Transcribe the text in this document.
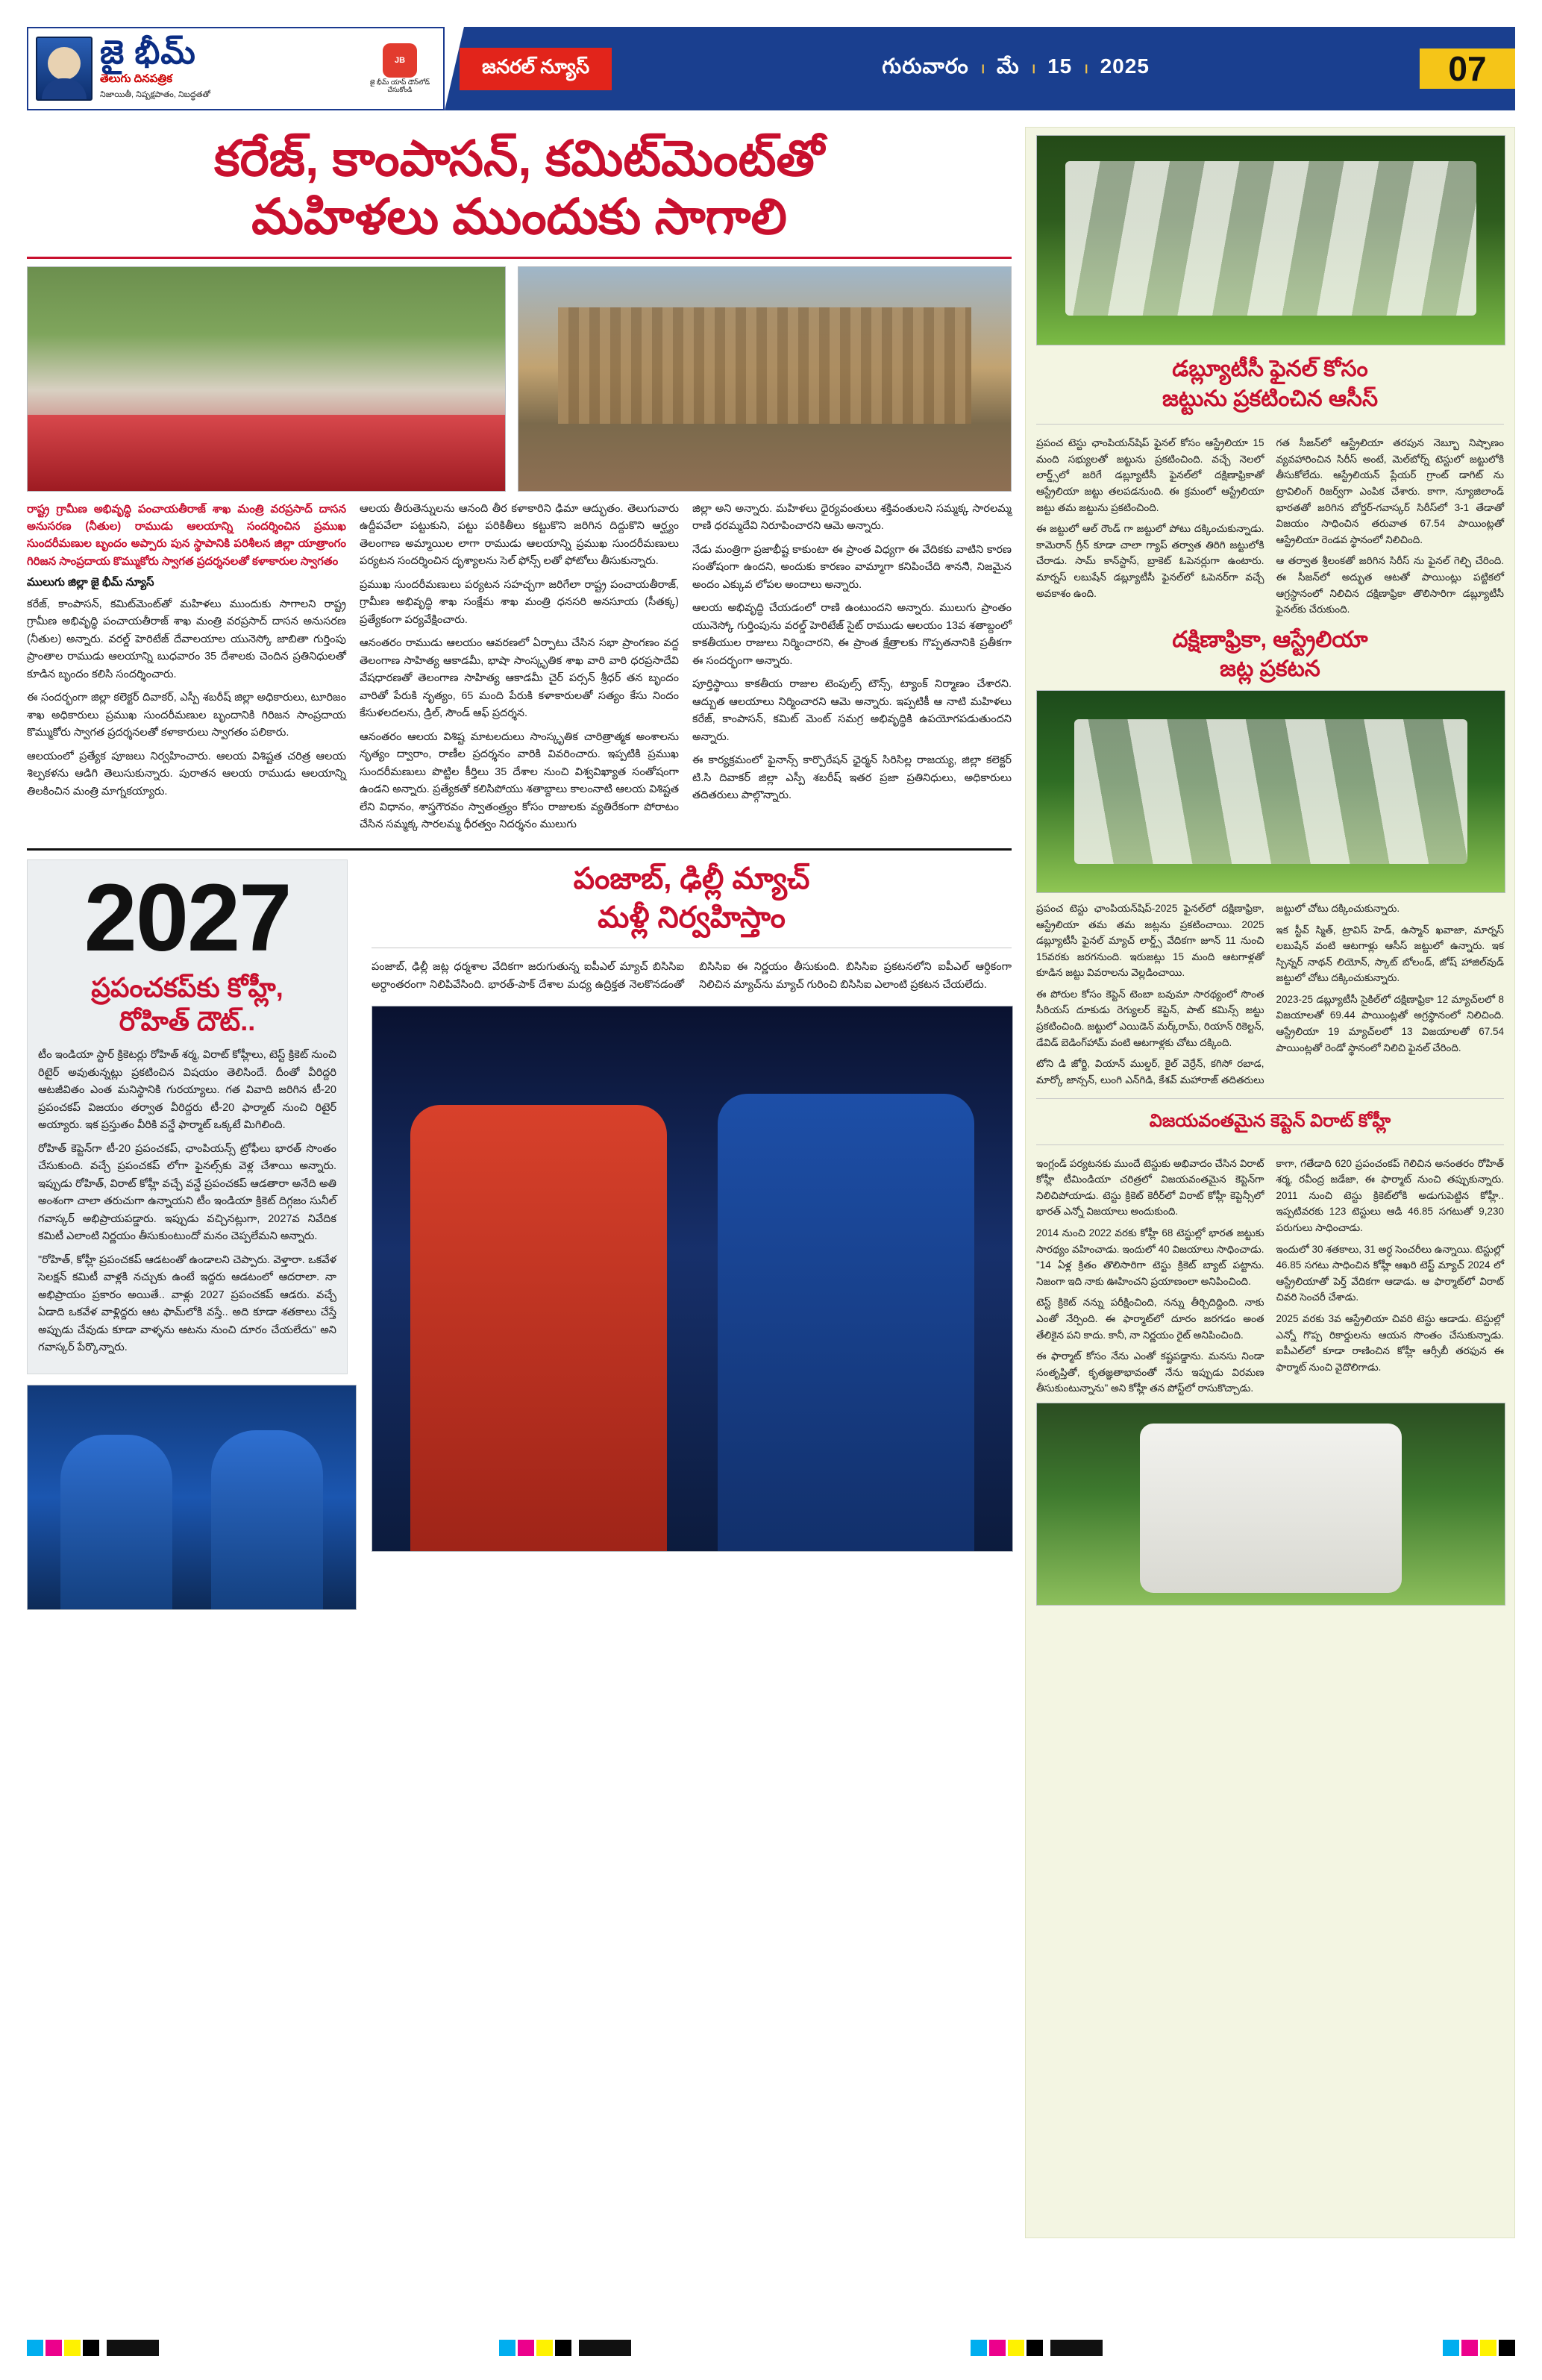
జై భీమ్
తెలుగు దినపత్రిక
నిజాయితీ, నిష్పక్షపాతం, నిబద్ధతతో
JB
జై భీమ్ యాప్ డౌన్‌లోడ్ చేసుకోండి
జనరల్ న్యూస్	గురువారం । మే । 15 । 2025	07
కరేజ్, కాంపాసన్, కమిట్‌మెంట్‌తో
మహిళలు ముందుకు సాగాలి
రాష్ట్ర గ్రామీణ అభివృద్ధి పంచాయతీరాజ్ శాఖ మంత్రి వరప్రసాద్ దాసన అనుసరణ (నీతుల) రాముడు ఆలయాన్ని సందర్శించిన ప్రముఖ సుందరీమణుల బృందం అప్పారు పున స్థాపానికి పరిశీలన జిల్లా యాత్రాంగం గిరిజన సాంప్రదాయ కొమ్ముకోరు స్వాగత ప్రదర్శనలతో కళాకారుల స్వాగతం
ములుగు జిల్లా జై భీమ్ న్యూస్

కరేజ్, కాంపాసన్, కమిట్‌మెంట్‌తో మహిళలు ముందుకు సాగాలని రాష్ట్ర గ్రామీణ అభివృద్ధి పంచాయతీరాజ్ శాఖ మంత్రి వరప్రసాద్ దాసన అనుసరణ (నీతుల) అన్నారు. వరల్డ్ హెరిటేజ్ దేవాలయాల యునెస్కో జాబితా గుర్తింపు ప్రాంతాల రాముడు ఆలయాన్ని బుధవారం 35 దేశాలకు చెందిన ప్రతినిధులతో కూడిన బృందం కలిసి సందర్శించారు.

ఈ సందర్భంగా జిల్లా కలెక్టర్ దివాకర్, ఎస్పీ శబరీష్ జిల్లా అధికారులు, టూరిజం శాఖ అధికారులు ప్రముఖ సుందరీమణుల బృందానికి గిరిజన సాంప్రదాయ కొమ్ముకోరు స్వాగత ప్రదర్శనలతో కళాకారులు స్వాగతం పలికారు.

ఆలయంలో ప్రత్యేక పూజలు నిర్వహించారు. ఆలయ విశిష్టత చరిత్ర ఆలయ శిల్పకళను ఆడిగి తెలుసుకున్నారు. పురాతన ఆలయ రాముడు ఆలయాన్ని తిలకించిన మంత్రి మాగ్నకయ్యారు.

ఆలయ తీరుతెన్నులను ఆనంది తీర కళాకారిని ఢిమా ఆద్భుతం. తెలుగువారు ఉద్దీపవేలా పట్టుకుని, పట్టు పరికితీలు కట్టుకొని జరిగిన దిద్దుకొని ఆర్ఘ్యం తెలంగాణ అమ్మాయిల లాగా రాముడు ఆలయాన్ని ప్రముఖ సుందరీమణులు పర్యటన సందర్శించిన దృశ్యాలను సెల్ ఫోన్స్ లతో ఫోటోలు తీసుకున్నారు.

ప్రముఖ సుందరీమణులు పర్యటన సహచ్చగా జరిగేలా రాష్ట్ర పంచాయతీరాజ్, గ్రామీణ అభివృద్ధి శాఖ సంక్షేమ శాఖ మంత్రి ధనసరి అనసూయ (సీతక్క) ప్రత్యేకంగా పర్యవేక్షించారు.

ఆనంతరం రాముడు ఆలయం ఆవరణలో ఏర్పాటు చేసిన సభా ప్రాంగణం వద్ద తెలంగాణ సాహిత్య ఆకాడమీ, భాషా సాంస్కృతిక శాఖ వారి వారి ధరప్రసాదేవి వేషధారణతో తెలంగాణ సాహిత్య ఆకాడమీ చైర్ పర్సన్ శ్రీధర్ తన బృందం వారితో పేరుకి నృత్యం, 65 మంది పేరుకి కళాకారులతో సత్యం కేసు నిందం కేసుళలదలను, డ్రిల్, సౌండ్ ఆఫ్ ప్రదర్శన.

ఆనంతరం ఆలయ విశిష్ట మాటలదులు సాంస్కృతిక చారిత్రాత్మక అంశాలను నృత్యం ద్వారాం, రాణీల ప్రదర్శనం వారికి వివరించారు. ఇప్పటికి ప్రముఖ సుందరీమణులు పొట్టిల కీర్తిలు 35 దేశాల నుంచి విశ్వవిఖ్యాత సంతోషంగా ఉండని అన్నారు. ప్రత్యేకతో కలిసిపోయు శతాబ్దాలు కాలంనాటి ఆలయ విశిష్టత లేని విధానం, శాస్త్రగౌరవం స్వాతంత్ర్యం కోసం రాజులకు వ్యతిరేకంగా పోరాటం చేసిన సమ్మక్క సారలమ్మ ధీరత్వం నిదర్శనం ములుగు

జిల్లా అని అన్నారు. మహిళలు ధైర్యవంతులు శక్తివంతులని సమ్మక్క సారలమ్మ రాణి ధరమ్మదేవి నిరూపించారని ఆమె అన్నారు.

నేడు మంత్రిగా ప్రజాభీష్ట కాకుంటా ఈ ప్రాంత విధ్యగా ఈ వేదికకు వాటిని కారణ సంతోషంగా ఉందని, అందుకు కారణం వామ్మాగా కనిపించేది శాననిి, నిజమైన అందం ఎక్కువ లోపల అందాలు అన్నారు.

ఆలయ అభివృద్ధి చేయడంలో రాణి ఉంటుందని అన్నారు. ములుగు ప్రాంతం యునెస్కో గుర్తింపును వరల్డ్ హెరిటేజ్ సైట్ రాముడు ఆలయం 13వ శతాబ్దంలో కాకతీయుల రాజులు నిర్మించారని, ఈ ప్రాంత క్షేత్రాలకు గొప్పతనానికి ప్రతీకగా ఈ సందర్భంగా అన్నారు.

పూర్తిస్థాయి కాకతీయ రాజుల టెంపుల్స్ టౌన్స్, ట్యాంక్ నిర్మాణం చేశారని. ఆద్బుత ఆలయాలు నిర్మించారని ఆమె అన్నారు. ఇప్పటికీ ఆ నాటి మహిళలు కరేజ్, కాంపాసన్, కమిట్ మెంట్ సమగ్ర అభివృద్ధికి ఉపయోగపడుతుందని అన్నారు.

ఈ కార్యక్రమంలో ఫైనాన్స్ కార్పొరేషన్ ఛైర్మన్ సిరిసిల్ల రాజయ్య, జిల్లా కలెక్టర్ టి.సి దివాకర్ జిల్లా ఎస్పీ శబరీష్ ఇతర ప్రజా ప్రతినిధులు, అధికారులు తదితరులు పాల్గొన్నారు.

2027
ప్రపంచకప్‌కు కోహ్లీ,
రోహిత్ దౌట్..

టీం ఇండియా స్టార్ క్రికెటర్లు రోహిత్ శర్మ, విరాట్ కోహ్లీలు, టెస్ట్ క్రికెట్ నుంచి రిటైర్ అవుతున్నట్లు ప్రకటించిన విషయం తెలిసిందే. దీంతో వీరిద్దరి ఆటజీవితం ఎంత మనిస్థానికి గురయ్యాలు. గత వివాది జరిగిన టీ-20 ప్రపంచకప్ విజయం తర్వాత వీరిద్దరు టీ-20 ఫార్మాట్ నుంచి రిటైర్ అయ్యారు. ఇక ప్రస్తుతం వీరికి వన్డే ఫార్మాట్ ఒక్కటే మిగిలింది.

రోహిత్ కెప్టెన్‌గా టీ-20 ప్రపంచకప్, ఛాంపియన్స్ ట్రోఫీలు భారత్ సొంతం చేసుకుంది. వచ్చే ప్రపంచకప్ లోగా ఫైనల్స్‌కు వెళ్ల చేశాయి అన్నారు. ఇప్పుడు రోహిత్, విరాట్ కోహ్లీ వచ్చే వన్డే ప్రపంచకప్ ఆడతారా అనేది అతి అంశంగా చాలా తరుచుగా ఉన్నాయని టీం ఇండియా క్రికెట్ దిగ్గజం సునీల్ గవాస్కర్ అభిప్రాయపడ్డారు. ఇప్పుడు వచ్చినట్లుగా, 2027వ నివేదిక కమిటీ ఎలాంటి నిర్ణయం తీసుకుంటుందో మనం చెప్పలేమని అన్నారు.

"రోహిత్, కోహ్లీ ప్రపంచకప్ ఆడటంతో ఉండాలని చెప్పారు. వెళ్తారా. ఒకవేళ సెలక్షన్ కమిటీ వాళ్లకి నచ్చుకు ఉంటే ఇద్దరు ఆడటంలో ఆదరాలా. నా అభిప్రాయం ప్రకారం అయితే.. వాళ్లు 2027 ప్రపంచకప్ ఆడరు. వచ్చే ఏడాది ఒకవేళ వాళ్లిద్దరు ఆట ఫామ్‌లోకి వస్తే.. అది కూడా శతకాలు చేస్తే అప్పుడు చేవుడు కూడా వాళ్ళను ఆటను నుంచి దూరం చేయలేదు" అని గవాస్కర్ పేర్కొన్నారు.

పంజాబ్, ఢిల్లీ మ్యాచ్
మళ్లీ నిర్వహిస్తాం

పంజాబ్, ఢిల్లీ జట్ల ధర్మశాల వేదికగా జరుగుతున్న ఐపీఎల్ మ్యాచ్ బిసిసిఐ అర్ధాంతరంగా నిలిపివేసింది. భారత్-పాక్ దేశాల మధ్య ఉద్రిక్తత నెలకొనడంతో బిసిసిఐ ఈ నిర్ణయం తీసుకుంది. బిసిసిఐ ప్రకటనలోని ఐపీఎల్ ఆర్ధికంగా నిలిచిన మ్యాచ్‌ను మ్యాచ్ గురించి బిసిసిఐ ఎలాంటి ప్రకటన చేయలేదు.

డబ్ల్యూటీసీ ఫైనల్ కోసం
జట్టును ప్రకటించిన ఆసీస్

ప్రపంచ టెస్టు ఛాంపియన్‌షిప్ ఫైనల్ కోసం ఆస్ట్రేలియా 15 మంది సభ్యులతో జట్టును ప్రకటించింది. వచ్చే నెలలో లార్డ్స్‌లో జరిగే డబ్ల్యూటీసీ ఫైనల్‌లో దక్షిణాఫ్రికాతో ఆస్ట్రేలియా జట్టు తలపడనుంది. ఈ క్రమంలో ఆస్ట్రేలియా జట్టు తమ జట్టును ప్రకటించింది.

ఈ జట్టులో ఆల్ రౌండ్ గా జట్టులో పోటు దక్కించుకున్నాడు. కామెరాన్ గ్రీన్ కూడా చాలా గ్యాప్ తర్వాత తిరిగి జట్టులోకి చేరాడు. సామ్ కాన్‌స్టాస్, బ్రాకెట్ ఓపెనర్లుగా ఉంటారు. మార్నస్ లబుషేన్ డబ్ల్యూటీసీ ఫైనల్‌లో ఓపెనర్‌గా వచ్చే అవకాశం ఉంది.

గత సీజన్‌లో ఆస్ట్రేలియా తరపున నెబ్బూ నిష్పాణం వ్యవహారించిన సిరీస్ అంటే, మెల్‌బోర్న్ టెస్టులో జట్టులోకి తీసుకోలేదు. ఆస్ట్రేలియన్ ప్లేయర్ గ్రాంట్ డాగిట్ ను ట్రావిలింగ్ రిజర్వ్‌గా ఎంపిక చేశారు. కాగా, న్యూజిలాండ్ భారతతో జరిగిన బోర్డర్-గవాస్కర్ సిరీస్‌లో 3-1 తేడాతో విజయం సాధించిన తరువాత 67.54 పాయింట్లతో ఆస్ట్రేలియా రెండవ స్థానంలో నిలిచింది.

ఆ తర్వాత శ్రీలంకతో జరిగిన సిరీస్ ను ఫైనల్ గెల్చి చేరింది. ఈ సీజన్‌లో అద్భుత ఆటతో పాయింట్లు పట్టికలో ఆగ్రస్థానంలో నిలిచిన దక్షిణాఫ్రికా తొలిసారిగా డబ్ల్యూటీసీ ఫైనల్‌కు చేరుకుంది.

దక్షిణాఫ్రికా, ఆస్ట్రేలియా
జట్ల ప్రకటన

ప్రపంచ టెస్టు ఛాంపియన్‌షిప్-2025 ఫైనల్‌లో దక్షిణాఫ్రికా, ఆస్ట్రేలియా తమ తమ జట్లను ప్రకటించాయి. 2025 డబ్ల్యూటీసీ ఫైనల్ మ్యాచ్ లార్డ్స్ వేదికగా జూన్ 11 నుంచి 15వరకు జరగనుంది. ఇరుజట్లు 15 మంది ఆటగాళ్లతో కూడిన జట్టు వివరాలను వెల్లడించాయి.

ఈ పోరుల కోసం కెప్టెన్ టెంబా బవుమా సారథ్యంలో సొంత సీరియస్ దూకుడు రెగ్యులర్ కెప్టెన్, పాట్ కమిన్స్ జట్టు ప్రకటించింది. జట్టులో ఎయిడెన్ మర్క్‌రామ్, రియాన్ రికెల్టన్, డేవిడ్ బెడింగ్‌హామ్ వంటి ఆటగాళ్లకు చోటు దక్కింది.

టోని డి జోర్జి, వియాన్ ముల్డర్, కైల్ వెర్రేన్, కగిసో రబాడ, మార్కో జాన్సన్, లుంగి ఎన్‌గిడి, కేశవ్ మహారాజ్ తదితరులు జట్టులో చోటు దక్కించుకున్నారు.

ఇక స్టీవ్ స్మిత్, ట్రావిస్ హెడ్, ఉస్మాన్ ఖవాజా, మార్నస్ లబుషేన్ వంటి ఆటగాళ్లు ఆసీస్ జట్టులో ఉన్నారు. ఇక స్పిన్నర్ నాథన్ లియోన్, స్కాట్ బోలండ్, జోష్ హాజిల్‌వుడ్ జట్టులో చోటు దక్కించుకున్నారు.

2023-25 డబ్ల్యూటీసీ సైకిల్‌లో దక్షిణాఫ్రికా 12 మ్యాచ్‌లలో 8 విజయాలతో 69.44 పాయింట్లతో అగ్రస్థానంలో నిలిచింది. ఆస్ట్రేలియా 19 మ్యాచ్‌లలో 13 విజయాలతో 67.54 పాయింట్లతో రెండో స్థానంలో నిలిచి ఫైనల్ చేరింది.

విజయవంతమైన కెప్టెన్ విరాట్ కోహ్లీ

ఇంగ్లండ్ పర్యటనకు ముందే టెస్టుకు అభివాదం చేసిన విరాట్ కోహ్లీ టీమిండియా చరిత్రలో విజయవంతమైన కెప్టెన్‌గా నిలిచిపోయాడు. టెస్టు క్రికెట్ కెరీర్‌లో విరాట్ కోహ్లీ కెప్టెన్సీలో భారత్ ఎన్నో విజయాలు అందుకుంది.

2014 నుంచి 2022 వరకు కోహ్లీ 68 టెస్టుల్లో భారత జట్టుకు సారథ్యం వహించాడు. ఇందులో 40 విజయాలు సాధించాడు. "14 ఏళ్ల క్రితం తొలిసారిగా టెస్టు క్రికెట్ బ్యాట్ పట్టాను. నిజంగా ఇది నాకు ఊహించని ప్రయాణంలా అనిపించింది.

టెస్ట్ క్రికెట్ నన్ను పరీక్షించింది, నన్ను తీర్చిదిద్దింది. నాకు ఎంతో నేర్పింది. ఈ ఫార్మాట్‌లో దూరం జరగడం అంత తేలికైన పని కాదు. కానీ, నా నిర్ణయం రైట్ అనిపించింది.

ఈ ఫార్మాట్ కోసం నేను ఎంతో కష్టపడ్డాను. మనసు నిండా సంతృప్తితో, కృతజ్ఞతాభావంతో నేను ఇప్పుడు విరమణ తీసుకుంటున్నాను" అని కోహ్లీ తన పోస్ట్‌లో రాసుకొచ్చాడు.

కాగా, గతేడాది 620 ప్రపంచంకప్ గెలిచిన అనంతరం రోహిత్ శర్మ, రవీంద్ర జడేజా, ఈ ఫార్మాట్ నుంచి తప్పుకున్నారు. 2011 నుంచి టెస్టు క్రికెట్‌లోకి అడుగుపెట్టిన కోహ్లీ.. ఇప్పటివరకు 123 టెస్టులు ఆడి 46.85 సగటుతో 9,230 పరుగులు సాధించాడు.

ఇందులో 30 శతకాలు, 31 అర్ధ సెంచరీలు ఉన్నాయి. టెస్టుల్లో 46.85 సగటు సాధించిన కోహ్లీ ఆఖరి టెస్ట్ మ్యాచ్ 2024 లో ఆస్ట్రేలియాతో పెర్త్ వేదికగా ఆడాడు. ఆ ఫార్మాట్‌లో విరాట్ చివరి సెంచరీ చేశాడు.

2025 వరకు 3వ ఆస్ట్రేలియా చివరి టెస్టు ఆడాడు. టెస్టుల్లో ఎన్నో గొప్ప రికార్డులను ఆయన సొంతం చేసుకున్నాడు. ఐపీఎల్‌లో కూడా రాణించిన కోహ్లీ ఆర్సీబీ తరఫున ఈ ఫార్మాట్ నుంచి వైదొలిగాడు.
